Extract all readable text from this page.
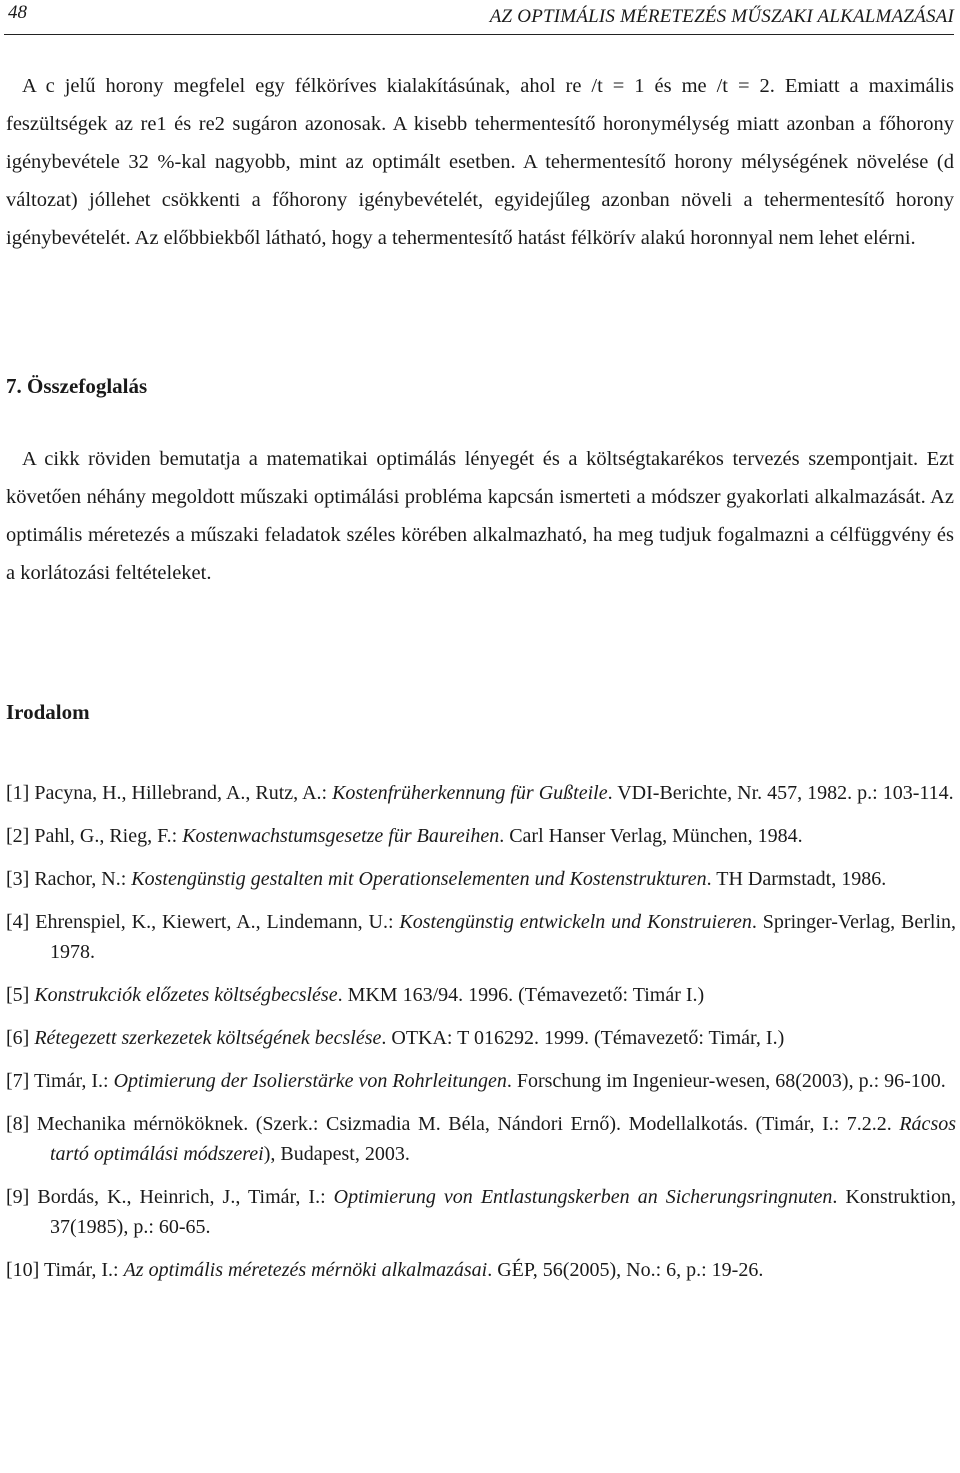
48	AZ OPTIMÁLIS MÉRETEZÉS MŰSZAKI ALKALMAZÁSAI

A c jelű horony megfelel egy félköríves kialakításúnak, ahol re /t = 1 és me /t = 2. Emiatt a maximális feszültségek az re1 és re2 sugáron azonosak. A kisebb tehermentesítő horonymélység miatt azonban a főhorony igénybevétele 32 %-kal nagyobb, mint az optimált esetben. A tehermentesítő horony mélységének növelése (d változat) jóllehet csökkenti a főhorony igénybevételét, egyidejűleg azonban növeli a tehermentesítő horony igénybevételét. Az előbbiekből látható, hogy a tehermentesítő hatást félkörív alakú horonnyal nem lehet elérni.

7. Összefoglalás

A cikk röviden bemutatja a matematikai optimálás lényegét és a költségtakarékos tervezés szempontjait. Ezt követően néhány megoldott műszaki optimálási probléma kapcsán ismerteti a módszer gyakorlati alkalmazását. Az optimális méretezés a műszaki feladatok széles körében alkalmazható, ha meg tudjuk fogalmazni a célfüggvény és a korlátozási feltételeket.

Irodalom
[1] Pacyna, H., Hillebrand, A., Rutz, A.: Kostenfrüherkennung für Gußteile. VDI-Berichte, Nr. 457, 1982. p.: 103-114.
[2] Pahl, G., Rieg, F.: Kostenwachstumsgesetze für Baureihen. Carl Hanser Verlag, München, 1984.
[3] Rachor, N.: Kostengünstig gestalten mit Operationselementen und Kostenstrukturen. TH Darmstadt, 1986.
[4] Ehrenspiel, K., Kiewert, A., Lindemann, U.: Kostengünstig entwickeln und Konstruieren. Springer-Verlag, Berlin, 1978.
[5] Konstrukciók előzetes költségbecslése. MKM 163/94. 1996. (Témavezető: Timár I.)
[6] Rétegezett szerkezetek költségének becslése. OTKA: T 016292. 1999. (Témavezető: Timár, I.)
[7] Timár, I.: Optimierung der Isolierstärke von Rohrleitungen. Forschung im Ingenieur-wesen, 68(2003), p.: 96-100.
[8] Mechanika mérnököknek. (Szerk.: Csizmadia M. Béla, Nándori Ernő). Modellalkotás. (Timár, I.: 7.2.2. Rácsos tartó optimálási módszerei), Budapest, 2003.
[9] Bordás, K., Heinrich, J., Timár, I.: Optimierung von Entlastungskerben an Sicherungsringnuten. Konstruktion, 37(1985), p.: 60-65.
[10] Timár, I.: Az optimális méretezés mérnöki alkalmazásai. GÉP, 56(2005), No.: 6, p.: 19-26.
